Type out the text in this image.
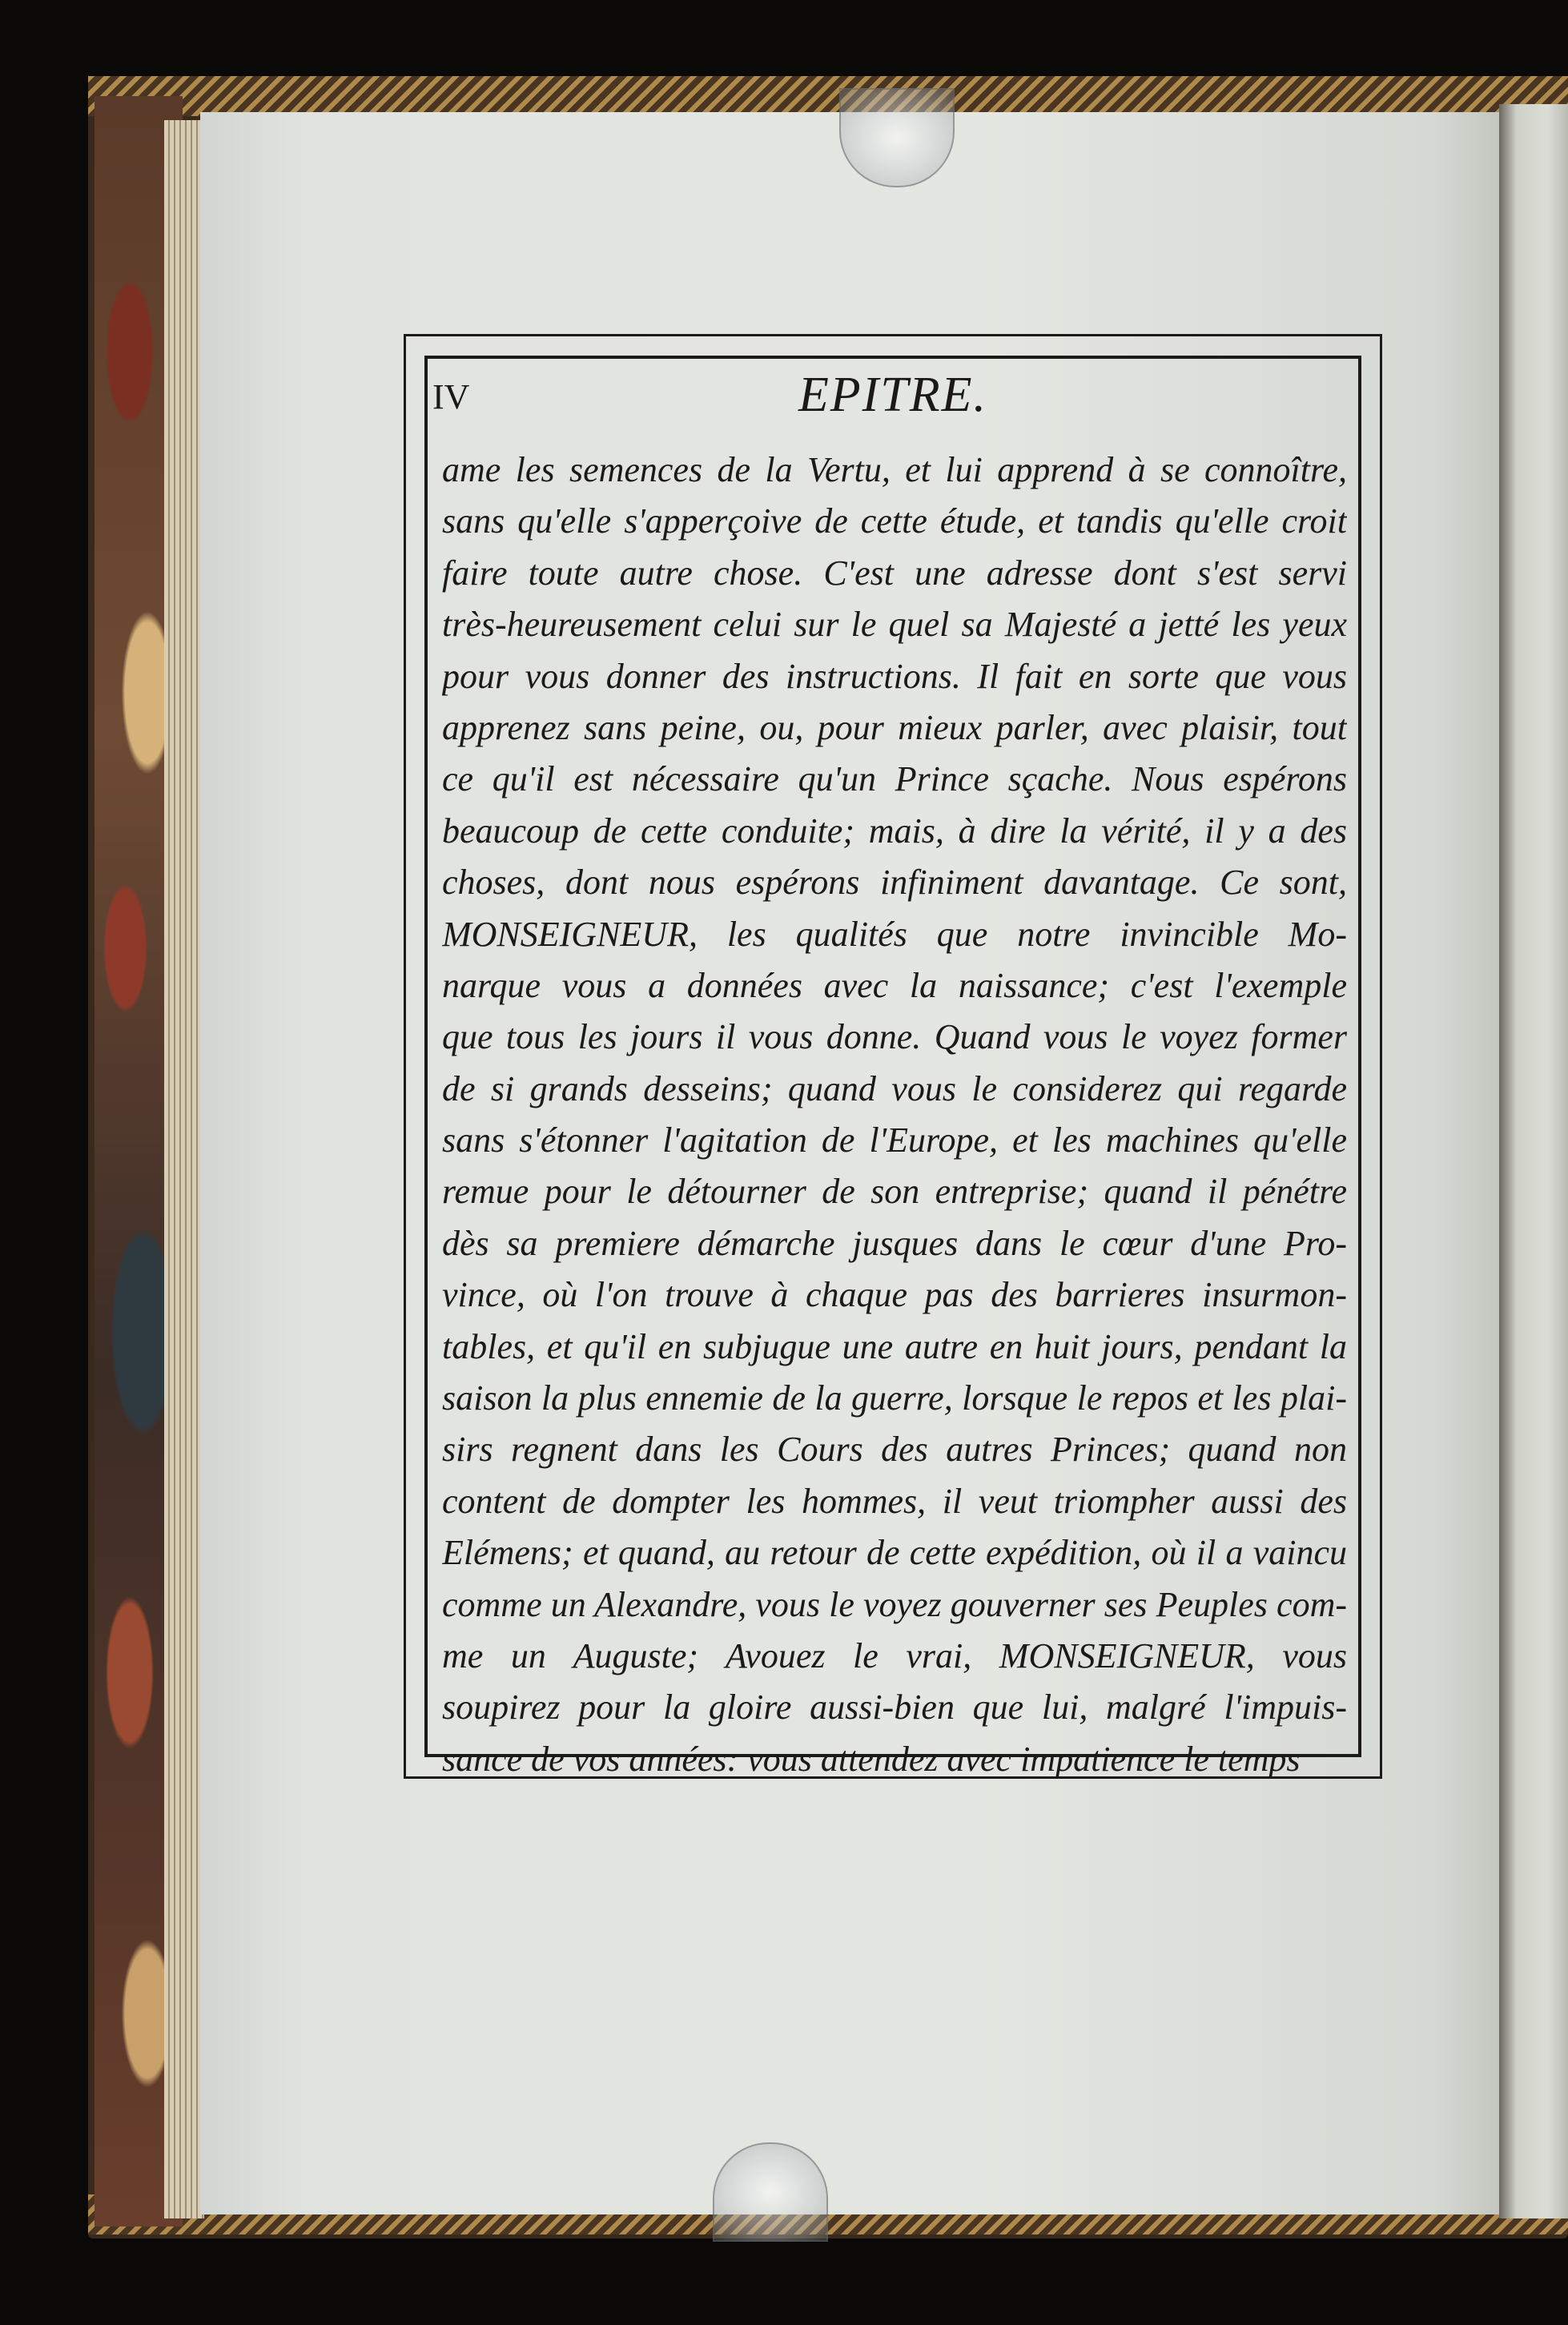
IV	EPITRE.
ame les semences de la Vertu, et lui apprend à se connoître,
sans qu'elle s'apperçoive de cette étude, et tandis qu'elle croit
faire toute autre chose. C'est une adresse dont s'est servi
très-heureusement celui sur le quel sa Majesté a jetté les yeux
pour vous donner des instructions. Il fait en sorte que vous
apprenez sans peine, ou, pour mieux parler, avec plaisir, tout
ce qu'il est nécessaire qu'un Prince sçache. Nous espérons
beaucoup de cette conduite; mais, à dire la vérité, il y a des
choses, dont nous espérons infiniment davantage. Ce sont,
MONSEIGNEUR, les qualités que notre invincible Mo-
narque vous a données avec la naissance; c'est l'exemple
que tous les jours il vous donne. Quand vous le voyez former
de si grands desseins; quand vous le considerez qui regarde
sans s'étonner l'agitation de l'Europe, et les machines qu'elle
remue pour le détourner de son entreprise; quand il pénétre
dès sa premiere démarche jusques dans le cœur d'une Pro-
vince, où l'on trouve à chaque pas des barrieres insurmon-
tables, et qu'il en subjugue une autre en huit jours, pendant la
saison la plus ennemie de la guerre, lorsque le repos et les plai-
sirs regnent dans les Cours des autres Princes; quand non
content de dompter les hommes, il veut triompher aussi des
Elémens; et quand, au retour de cette expédition, où il a vaincu
comme un Alexandre, vous le voyez gouverner ses Peuples com-
me un Auguste; Avouez le vrai, MONSEIGNEUR, vous
soupirez pour la gloire aussi-bien que lui, malgré l'impuis-
sance de vos années: vous attendez avec impatience le temps
